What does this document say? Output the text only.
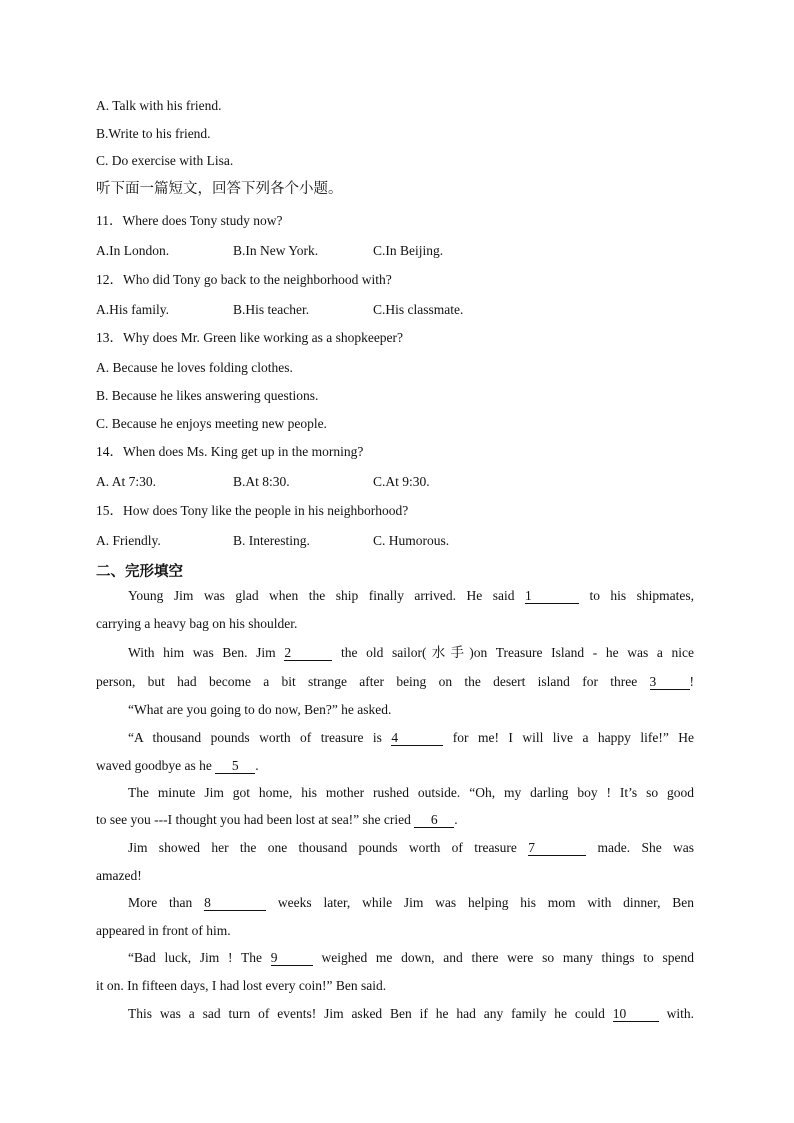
A. Talk with his friend.
B.Write to his friend.
C. Do exercise with Lisa.
听下面一篇短文，回答下列各个小题。
11．Where does Tony study now?
A.In London.	B.In New York.	C.In Beijing.
12．Who did Tony go back to the neighborhood with?
A.His family.	B.His teacher.	C.His classmate.
13．Why does Mr. Green like working as a shopkeeper?
A. Because he loves folding clothes.
B. Because he likes answering questions.
C. Because he enjoys meeting new people.
14．When does Ms. King get up in the morning?
A. At 7:30.	B.At 8:30.	C.At 9:30.
15．How does Tony like the people in his neighborhood?
A. Friendly.	B. Interesting.	C. Humorous.
二、完形填空
Young Jim was glad when the ship finally arrived. He said 1	to his shipmates,
carrying a heavy bag on his shoulder.
With him was Ben. Jim 2	the old sailor(水手)on Treasure Island - he was a nice
person, but had become a bit strange after being on the desert island for three 3 !
“What are you going to do now, Ben?” he asked.
“A thousand pounds worth of treasure is 4	for me! I will live a happy life!” He
waved goodbye as he 5 .
The minute Jim got home, his mother rushed outside. “Oh, my darling boy ! It’s so good
to see you ---I thought you had been lost at sea!” she cried 6 .
Jim showed her the one thousand pounds worth of treasure 7	made. She was
amazed!
More than 8	weeks later, while Jim was helping his mom with dinner, Ben
appeared in front of him.
“Bad luck, Jim ! The 9	weighed me down, and there were so many things to spend
it on. In fifteen days, I had lost every coin!” Ben said.
This was a sad turn of events! Jim asked Ben if he had any family he could 10	with.
